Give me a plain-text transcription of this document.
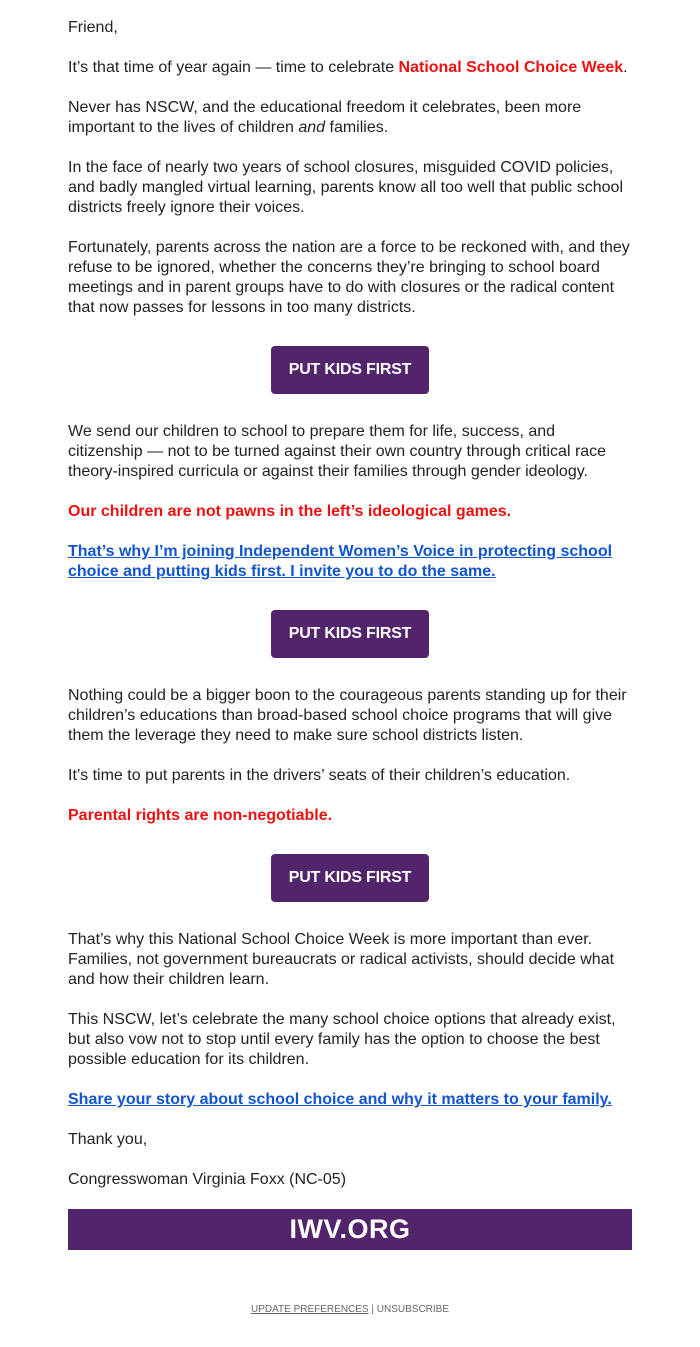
Friend,

It’s that time of year again — time to celebrate National School Choice Week.

Never has NSCW, and the educational freedom it celebrates, been more important to the lives of children and families.

In the face of nearly two years of school closures, misguided COVID policies, and badly mangled virtual learning, parents know all too well that public school districts freely ignore their voices.

Fortunately, parents across the nation are a force to be reckoned with, and they refuse to be ignored, whether the concerns they’re bringing to school board meetings and in parent groups have to do with closures or the radical content that now passes for lessons in too many districts.

PUT KIDS FIRST

We send our children to school to prepare them for life, success, and citizenship — not to be turned against their own country through critical race theory-inspired curricula or against their families through gender ideology.

Our children are not pawns in the left’s ideological games.

That’s why I’m joining Independent Women’s Voice in protecting school choice and putting kids first. I invite you to do the same.

PUT KIDS FIRST

Nothing could be a bigger boon to the courageous parents standing up for their children’s educations than broad-based school choice programs that will give them the leverage they need to make sure school districts listen.

It’s time to put parents in the drivers’ seats of their children’s education.

Parental rights are non-negotiable.

PUT KIDS FIRST

That’s why this National School Choice Week is more important than ever. Families, not government bureaucrats or radical activists, should decide what and how their children learn.

This NSCW, let’s celebrate the many school choice options that already exist, but also vow not to stop until every family has the option to choose the best possible education for its children.

Share your story about school choice and why it matters to your family.

Thank you,

Congresswoman Virginia Foxx (NC-05)

IWV.ORG
UPDATE PREFERENCES | UNSUBSCRIBE
